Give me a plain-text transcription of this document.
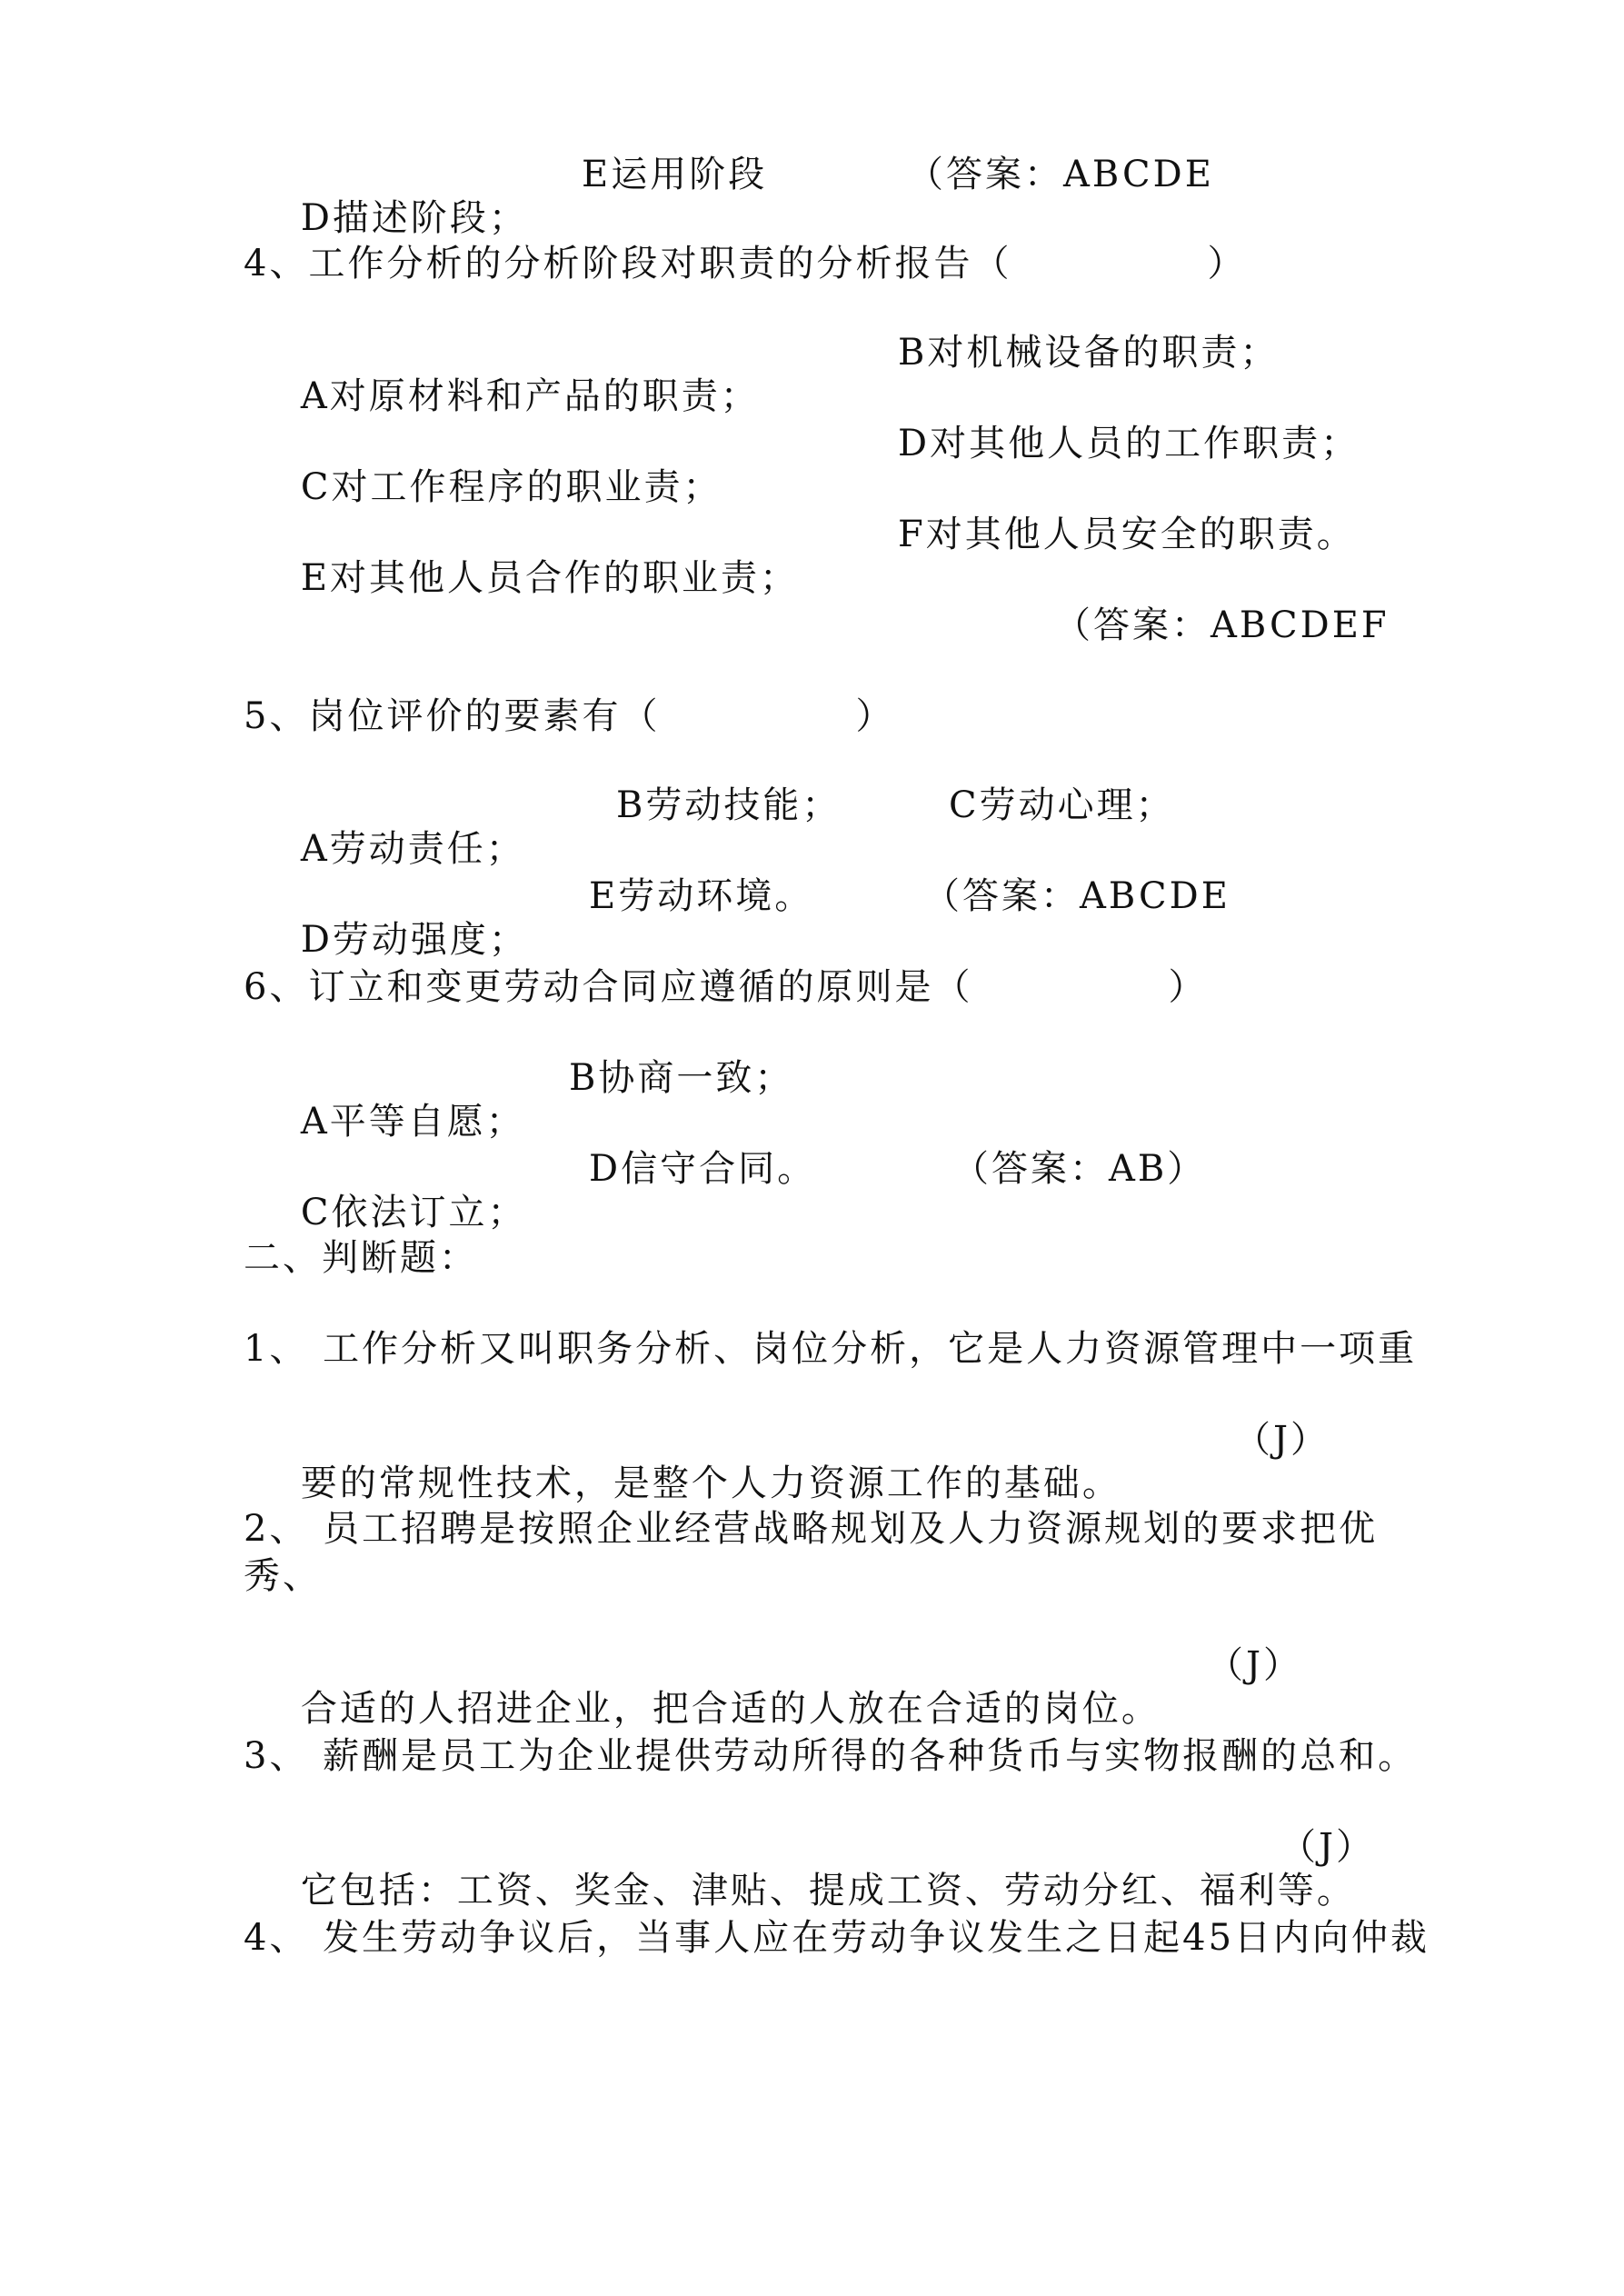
D描述阶段；

E运用阶段

	（答案：ABCDE

4、工作分析的分析阶段对职责的分析报告（　　　　　）

A对原材料和产品的职责；

B对机械设备的职责；

C对工作程序的职业责；

D对其他人员的工作职责；

E对其他人员合作的职业责；

F对其他人员安全的职责。

（答案：ABCDEF
5、岗位评价的要素有（　　　　　）

A劳动责任；

B劳动技能；

	C劳动心理；

D劳动强度；

E劳动环境。

	（答案：ABCDE

6、订立和变更劳动合同应遵循的原则是（　　　　　）

A平等自愿；

B协商一致；

C依法订立；

D信守合同。

	（答案：AB）

二、判断题：
1、 工作分析又叫职务分析、岗位分析，它是人力资源管理中一项重

要的常规性技术，是整个人力资源工作的基础。

（J）

2、 员工招聘是按照企业经营战略规划及人力资源规划的要求把优
秀、

合适的人招进企业，把合适的人放在合适的岗位。

（J）

3、 薪酬是员工为企业提供劳动所得的各种货币与实物报酬的总和。

它包括：工资、奖金、津贴、提成工资、劳动分红、福利等。

（J）

4、 发生劳动争议后，当事人应在劳动争议发生之日起45日内向仲裁
